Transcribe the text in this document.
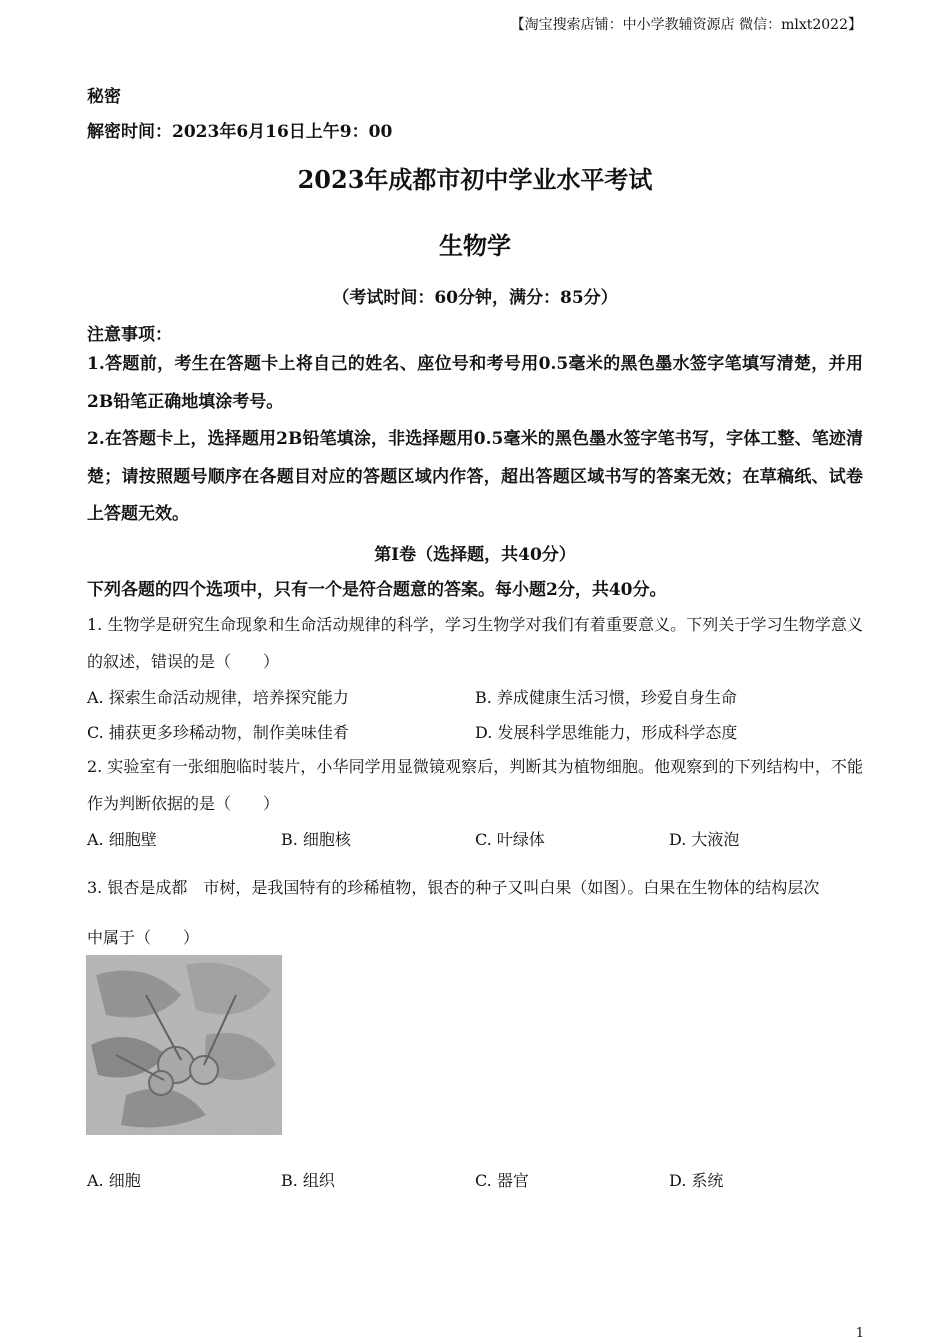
【淘宝搜索店铺：中小学教辅资源店 微信：mlxt2022】
秘密
解密时间：2023年6月16日上午9：00
2023年成都市初中学业水平考试
生物学
（考试时间：60分钟，满分：85分）
注意事项：
1.答题前，考生在答题卡上将自己的姓名、座位号和考号用0.5毫米的黑色墨水签字笔填写清楚，并用2B铅笔正确地填涂考号。
2.在答题卡上，选择题用2B铅笔填涂，非选择题用0.5毫米的黑色墨水签字笔书写，字体工整、笔迹清楚；请按照题号顺序在各题目对应的答题区域内作答，超出答题区域书写的答案无效；在草稿纸、试卷上答题无效。
第I卷（选择题，共40分）
下列各题的四个选项中，只有一个是符合题意的答案。每小题2分，共40分。
1. 生物学是研究生命现象和生命活动规律的科学，学习生物学对我们有着重要意义。下列关于学习生物学意义的叙述，错误的是（　　）
A. 探索生命活动规律，培养探究能力	B. 养成健康生活习惯，珍爱自身生命
C. 捕获更多珍稀动物，制作美味佳肴	D. 发展科学思维能力，形成科学态度
2. 实验室有一张细胞临时装片，小华同学用显微镜观察后，判断其为植物细胞。他观察到的下列结构中，不能作为判断依据的是（　　）
A. 细胞壁	B. 细胞核	C. 叶绿体	D. 大液泡
3. 银杏是成都　市树，是我国特有的珍稀植物，银杏的种子又叫白果（如图）。白果在生物体的结构层次
中属于（　　）
A. 细胞	B. 组织	C. 器官	D. 系统
1
